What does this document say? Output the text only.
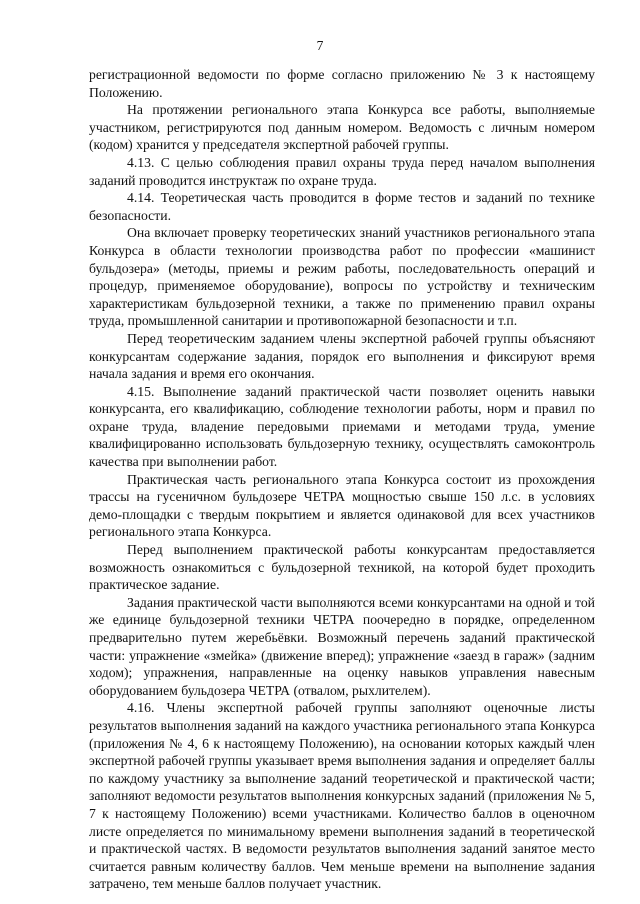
7

регистрационной ведомости по форме согласно приложению № 3 к настоящему Положению.

На протяжении регионального этапа Конкурса все работы, выполняемые участником, регистрируются под данным номером. Ведомость с личным номером (кодом) хранится у председателя экспертной рабочей группы.

4.13. С целью соблюдения правил охраны труда перед началом выполнения заданий проводится инструктаж по охране труда.

4.14. Теоретическая часть проводится в форме тестов и заданий по технике безопасности.

Она включает проверку теоретических знаний участников регионального этапа Конкурса в области технологии производства работ по профессии «машинист бульдозера» (методы, приемы и режим работы, последовательность операций и процедур, применяемое оборудование), вопросы по устройству и техническим характеристикам бульдозерной техники, а также по применению правил охраны труда, промышленной санитарии и противопожарной безопасности и т.п.

Перед теоретическим заданием члены экспертной рабочей группы объясняют конкурсантам содержание задания, порядок его выполнения и фиксируют время начала задания и время его окончания.

4.15. Выполнение заданий практической части позволяет оценить навыки конкурсанта, его квалификацию, соблюдение технологии работы, норм и правил по охране труда, владение передовыми приемами и методами труда, умение квалифицированно использовать бульдозерную технику, осуществлять самоконтроль качества при выполнении работ.

Практическая часть регионального этапа Конкурса состоит из прохождения трассы на гусеничном бульдозере ЧЕТРА мощностью свыше 150 л.с. в условиях демо-площадки с твердым покрытием и является одинаковой для всех участников регионального этапа Конкурса.

Перед выполнением практической работы конкурсантам предоставляется возможность ознакомиться с бульдозерной техникой, на которой будет проходить практическое задание.

Задания практической части выполняются всеми конкурсантами на одной и той же единице бульдозерной техники ЧЕТРА поочередно в порядке, определенном предварительно путем жеребьёвки. Возможный перечень заданий практической части: упражнение «змейка» (движение вперед); упражнение «заезд в гараж» (задним ходом); упражнения, направленные на оценку навыков управления навесным оборудованием бульдозера ЧЕТРА (отвалом, рыхлителем).

4.16. Члены экспертной рабочей группы заполняют оценочные листы результатов выполнения заданий на каждого участника регионального этапа Конкурса (приложения № 4, 6 к настоящему Положению), на основании которых каждый член экспертной рабочей группы указывает время выполнения задания и определяет баллы по каждому участнику за выполнение заданий теоретической и практической части; заполняют ведомости результатов выполнения конкурсных заданий (приложения № 5, 7 к настоящему Положению) всеми участниками. Количество баллов в оценочном листе определяется по минимальному времени выполнения заданий в теоретической и практической частях. В ведомости результатов выполнения заданий занятое место считается равным количеству баллов. Чем меньше времени на выполнение задания затрачено, тем меньше баллов получает участник.
